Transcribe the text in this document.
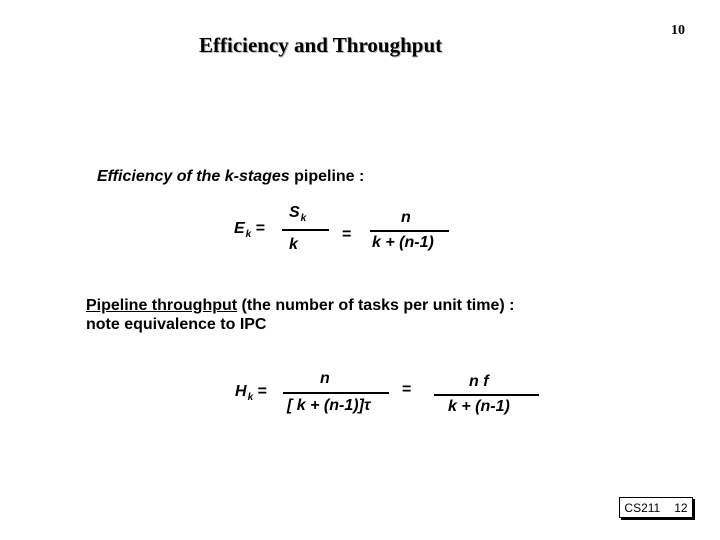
Efficiency and Throughput
10
Efficiency of the k-stages pipeline :
$E_k$ =
$S_k$
k
=
n
k + (n-1)
Pipeline throughput (the number of tasks per unit time) :
note equivalence to IPC
$H_k$ =
n
[ k + (n-1)]τ
=	n f
k + (n-1)
CS211 12
